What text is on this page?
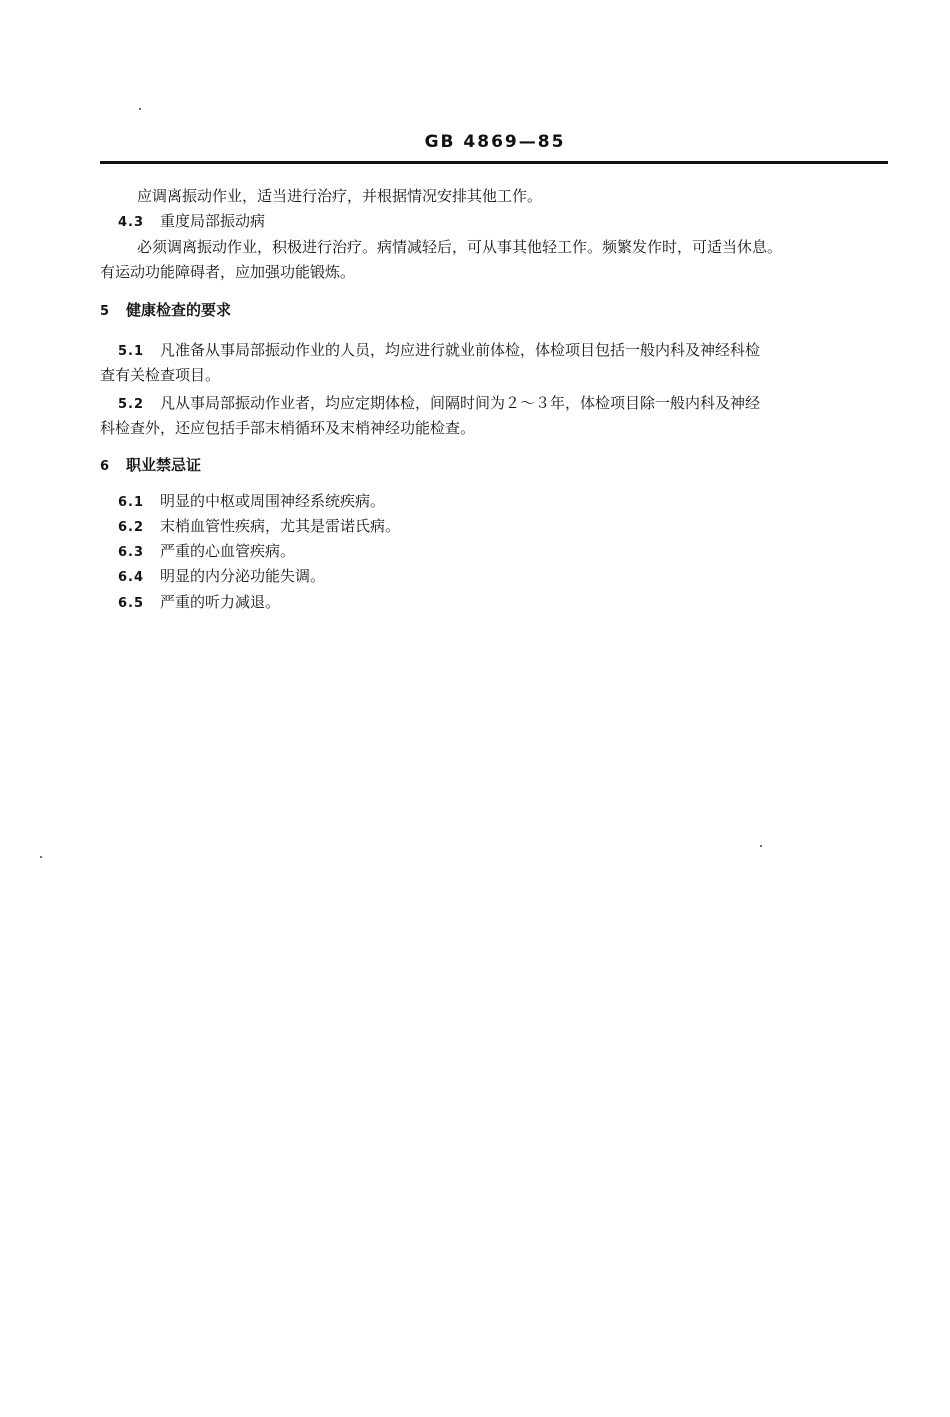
GB 4869—85
应调离振动作业，适当进行治疗，并根据情况安排其他工作。
4.3 重度局部振动病
必须调离振动作业，积极进行治疗。病情减轻后，可从事其他轻工作。频繁发作时，可适当休息。
有运动功能障碍者，应加强功能锻炼。
5 健康检查的要求
5.1 凡准备从事局部振动作业的人员，均应进行就业前体检，体检项目包括一般内科及神经科检
查有关检查项目。
5.2 凡从事局部振动作业者，均应定期体检，间隔时间为２～３年，体检项目除一般内科及神经
科检查外，还应包括手部末梢循环及末梢神经功能检查。
6 职业禁忌证
6.1 明显的中枢或周围神经系统疾病。
6.2 末梢血管性疾病，尤其是雷诺氏病。
6.3 严重的心血管疾病。
6.4 明显的内分泌功能失调。
6.5 严重的听力减退。
